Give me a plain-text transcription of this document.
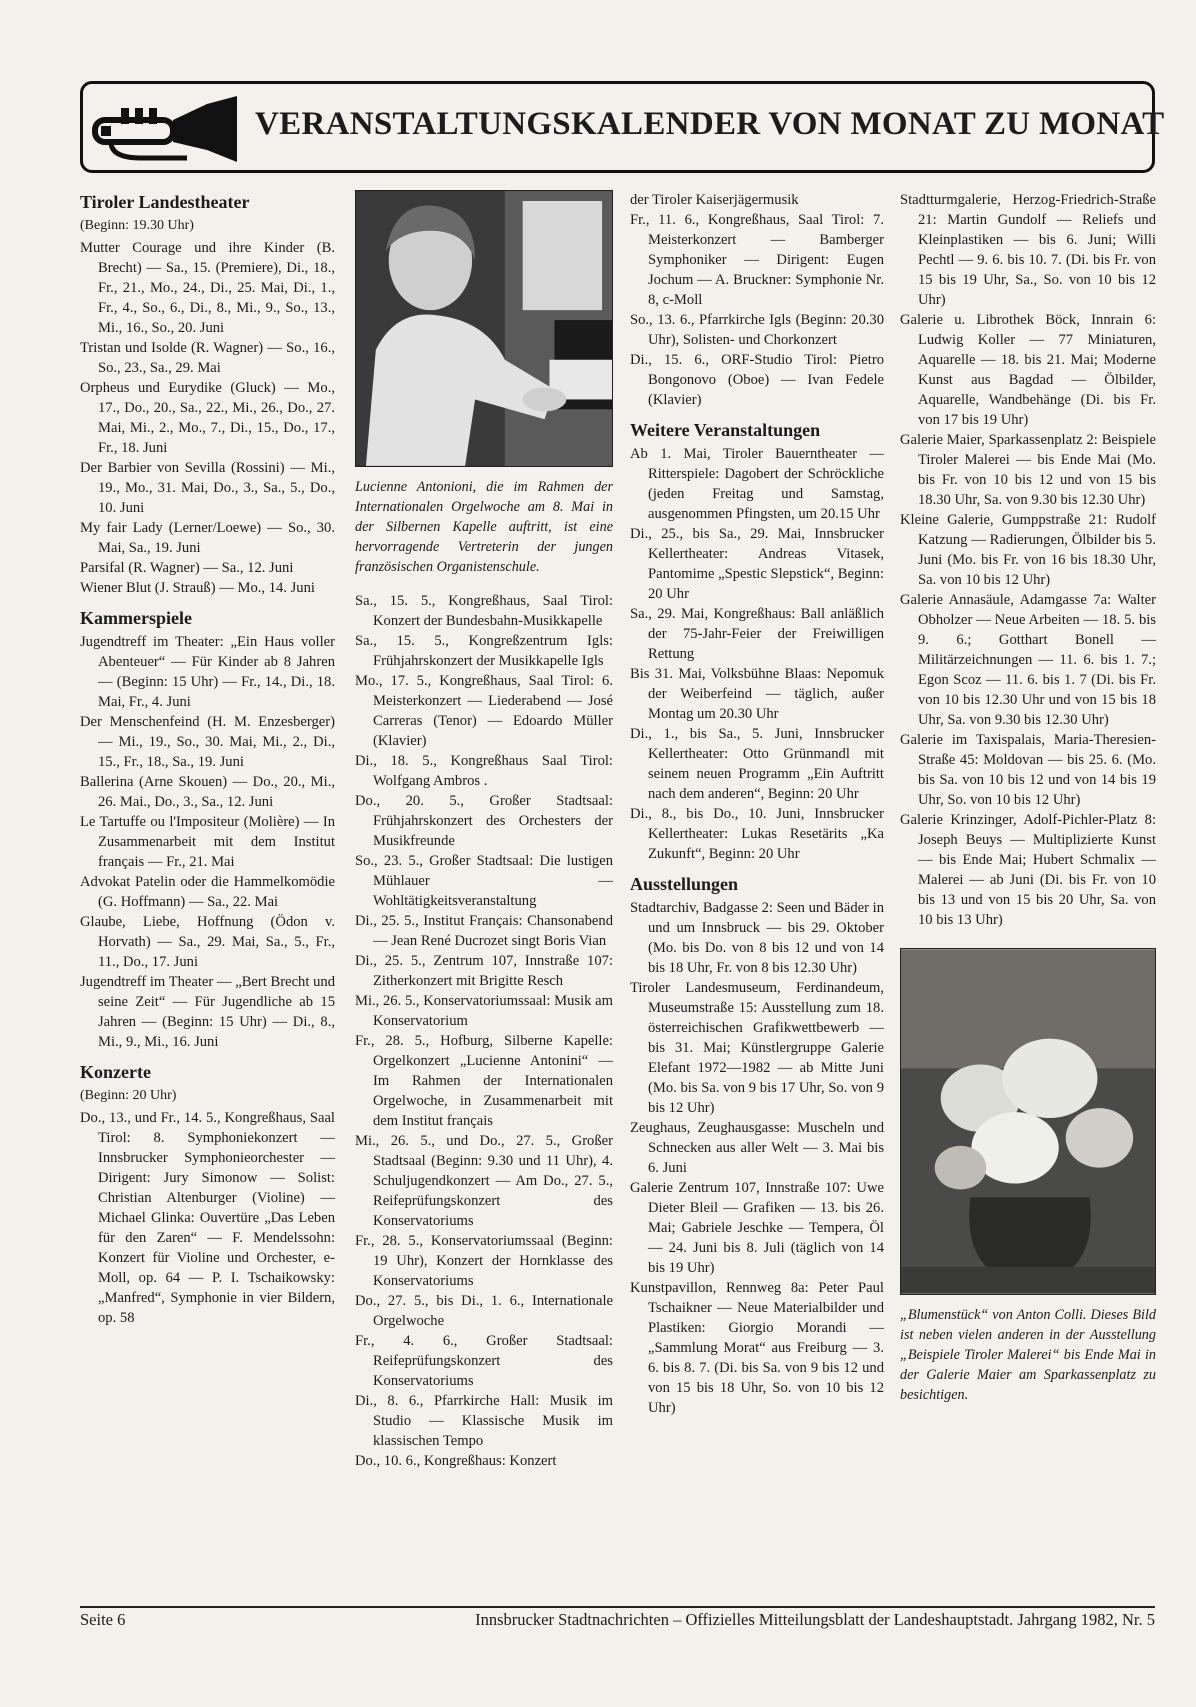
VERANSTALTUNGSKALENDER VON MONAT ZU MONAT
Tiroler Landestheater
(Beginn: 19.30 Uhr)
Mutter Courage und ihre Kinder (B. Brecht) — Sa., 15. (Premiere), Di., 18., Fr., 21., Mo., 24., Di., 25. Mai, Di., 1., Fr., 4., So., 6., Di., 8., Mi., 9., So., 13., Mi., 16., So., 20. Juni
Tristan und Isolde (R. Wagner) — So., 16., So., 23., Sa., 29. Mai
Orpheus und Eurydike (Gluck) — Mo., 17., Do., 20., Sa., 22., Mi., 26., Do., 27. Mai, Mi., 2., Mo., 7., Di., 15., Do., 17., Fr., 18. Juni
Der Barbier von Sevilla (Rossini) — Mi., 19., Mo., 31. Mai, Do., 3., Sa., 5., Do., 10. Juni
My fair Lady (Lerner/Loewe) — So., 30. Mai, Sa., 19. Juni
Parsifal (R. Wagner) — Sa., 12. Juni
Wiener Blut (J. Strauß) — Mo., 14. Juni
Kammerspiele
Jugendtreff im Theater: „Ein Haus voller Abenteuer“ — Für Kinder ab 8 Jahren — (Beginn: 15 Uhr) — Fr., 14., Di., 18. Mai, Fr., 4. Juni
Der Menschenfeind (H. M. Enzesberger) — Mi., 19., So., 30. Mai, Mi., 2., Di., 15., Fr., 18., Sa., 19. Juni
Ballerina (Arne Skouen) — Do., 20., Mi., 26. Mai., Do., 3., Sa., 12. Juni
Le Tartuffe ou l'Impositeur (Molière) — In Zusammenarbeit mit dem Institut français — Fr., 21. Mai
Advokat Patelin oder die Hammelkomödie (G. Hoffmann) — Sa., 22. Mai
Glaube, Liebe, Hoffnung (Ödon v. Horvath) — Sa., 29. Mai, Sa., 5., Fr., 11., Do., 17. Juni
Jugendtreff im Theater — „Bert Brecht und seine Zeit“ — Für Jugendliche ab 15 Jahren — (Beginn: 15 Uhr) — Di., 8., Mi., 9., Mi., 16. Juni
Konzerte
(Beginn: 20 Uhr)
Do., 13., und Fr., 14. 5., Kongreßhaus, Saal Tirol: 8. Symphoniekonzert — Innsbrucker Symphonieorchester — Dirigent: Jury Simonow — Solist: Christian Altenburger (Violine) — Michael Glinka: Ouvertüre „Das Leben für den Zaren“ — F. Mendelssohn: Konzert für Violine und Orchester, e-Moll, op. 64 — P. I. Tschaikowsky: „Manfred“, Symphonie in vier Bildern, op. 58
Lucienne Antonioni, die im Rahmen der Internationalen Orgelwoche am 8. Mai in der Silbernen Kapelle auftritt, ist eine hervorragende Vertreterin der jungen französischen Organistenschule.
Sa., 15. 5., Kongreßhaus, Saal Tirol: Konzert der Bundesbahn-Musikkapelle
Sa., 15. 5., Kongreßzentrum Igls: Frühjahrskonzert der Musikkapelle Igls
Mo., 17. 5., Kongreßhaus, Saal Tirol: 6. Meisterkonzert — Liederabend — José Carreras (Tenor) — Edoardo Müller (Klavier)
Di., 18. 5., Kongreßhaus Saal Tirol: Wolfgang Ambros .
Do., 20. 5., Großer Stadtsaal: Frühjahrskonzert des Orchesters der Musikfreunde
So., 23. 5., Großer Stadtsaal: Die lustigen Mühlauer — Wohltätigkeitsveranstaltung
Di., 25. 5., Institut Français: Chansonabend — Jean René Ducrozet singt Boris Vian
Di., 25. 5., Zentrum 107, Innstraße 107: Zitherkonzert mit Brigitte Resch
Mi., 26. 5., Konservatoriumssaal: Musik am Konservatorium
Fr., 28. 5., Hofburg, Silberne Kapelle: Orgelkonzert „Lucienne Antonini“ — Im Rahmen der Internationalen Orgelwoche, in Zusammenarbeit mit dem Institut français
Mi., 26. 5., und Do., 27. 5., Großer Stadtsaal (Beginn: 9.30 und 11 Uhr), 4. Schuljugendkonzert — Am Do., 27. 5., Reifeprüfungskonzert des Konservatoriums
Fr., 28. 5., Konservatoriumssaal (Beginn: 19 Uhr), Konzert der Hornklasse des Konservatoriums
Do., 27. 5., bis Di., 1. 6., Internationale Orgelwoche
Fr., 4. 6., Großer Stadtsaal: Reifeprüfungskonzert des Konservatoriums
Di., 8. 6., Pfarrkirche Hall: Musik im Studio — Klassische Musik im klassischen Tempo
Do., 10. 6., Kongreßhaus: Konzert
der Tiroler Kaiserjägermusik
Fr., 11. 6., Kongreßhaus, Saal Tirol: 7. Meisterkonzert — Bamberger Symphoniker — Dirigent: Eugen Jochum — A. Bruckner: Symphonie Nr. 8, c-Moll
So., 13. 6., Pfarrkirche Igls (Beginn: 20.30 Uhr), Solisten- und Chorkonzert
Di., 15. 6., ORF-Studio Tirol: Pietro Bongonovo (Oboe) — Ivan Fedele (Klavier)
Weitere Veranstaltungen
Ab 1. Mai, Tiroler Bauerntheater — Ritterspiele: Dagobert der Schröckliche (jeden Freitag und Samstag, ausgenommen Pfingsten, um 20.15 Uhr
Di., 25., bis Sa., 29. Mai, Innsbrucker Kellertheater: Andreas Vitasek, Pantomime „Spestic Slepstick“, Beginn: 20 Uhr
Sa., 29. Mai, Kongreßhaus: Ball anläßlich der 75-Jahr-Feier der Freiwilligen Rettung
Bis 31. Mai, Volksbühne Blaas: Nepomuk der Weiberfeind — täglich, außer Montag um 20.30 Uhr
Di., 1., bis Sa., 5. Juni, Innsbrucker Kellertheater: Otto Grünmandl mit seinem neuen Programm „Ein Auftritt nach dem anderen“, Beginn: 20 Uhr
Di., 8., bis Do., 10. Juni, Innsbrucker Kellertheater: Lukas Resetärits „Ka Zukunft“, Beginn: 20 Uhr
Ausstellungen
Stadtarchiv, Badgasse 2: Seen und Bäder in und um Innsbruck — bis 29. Oktober (Mo. bis Do. von 8 bis 12 und von 14 bis 18 Uhr, Fr. von 8 bis 12.30 Uhr)
Tiroler Landesmuseum, Ferdinandeum, Museumstraße 15: Ausstellung zum 18. österreichischen Grafikwettbewerb — bis 31. Mai; Künstlergruppe Galerie Elefant 1972—1982 — ab Mitte Juni (Mo. bis Sa. von 9 bis 17 Uhr, So. von 9 bis 12 Uhr)
Zeughaus, Zeughausgasse: Muscheln und Schnecken aus aller Welt — 3. Mai bis 6. Juni
Galerie Zentrum 107, Innstraße 107: Uwe Dieter Bleil — Grafiken — 13. bis 26. Mai; Gabriele Jeschke — Tempera, Öl — 24. Juni bis 8. Juli (täglich von 14 bis 19 Uhr)
Kunstpavillon, Rennweg 8a: Peter Paul Tschaikner — Neue Materialbilder und Plastiken: Giorgio Morandi — „Sammlung Morat“ aus Freiburg — 3. 6. bis 8. 7. (Di. bis Sa. von 9 bis 12 und von 15 bis 18 Uhr, So. von 10 bis 12 Uhr)
Stadtturmgalerie, Herzog-Friedrich-Straße 21: Martin Gundolf — Reliefs und Kleinplastiken — bis 6. Juni; Willi Pechtl — 9. 6. bis 10. 7. (Di. bis Fr. von 15 bis 19 Uhr, Sa., So. von 10 bis 12 Uhr)
Galerie u. Librothek Böck, Innrain 6: Ludwig Koller — 77 Miniaturen, Aquarelle — 18. bis 21. Mai; Moderne Kunst aus Bagdad — Ölbilder, Aquarelle, Wandbehänge (Di. bis Fr. von 17 bis 19 Uhr)
Galerie Maier, Sparkassenplatz 2: Beispiele Tiroler Malerei — bis Ende Mai (Mo. bis Fr. von 10 bis 12 und von 15 bis 18.30 Uhr, Sa. von 9.30 bis 12.30 Uhr)
Kleine Galerie, Gumppstraße 21: Rudolf Katzung — Radierungen, Ölbilder bis 5. Juni (Mo. bis Fr. von 16 bis 18.30 Uhr, Sa. von 10 bis 12 Uhr)
Galerie Annasäule, Adamgasse 7a: Walter Obholzer — Neue Arbeiten — 18. 5. bis 9. 6.; Gotthart Bonell — Militärzeichnungen — 11. 6. bis 1. 7.; Egon Scoz — 11. 6. bis 1. 7 (Di. bis Fr. von 10 bis 12.30 Uhr und von 15 bis 18 Uhr, Sa. von 9.30 bis 12.30 Uhr)
Galerie im Taxispalais, Maria-Theresien-Straße 45: Moldovan — bis 25. 6. (Mo. bis Sa. von 10 bis 12 und von 14 bis 19 Uhr, So. von 10 bis 12 Uhr)
Galerie Krinzinger, Adolf-Pichler-Platz 8: Joseph Beuys — Multiplizierte Kunst — bis Ende Mai; Hubert Schmalix — Malerei — ab Juni (Di. bis Fr. von 10 bis 13 und von 15 bis 20 Uhr, Sa. von 10 bis 13 Uhr)
„Blumenstück“ von Anton Colli. Dieses Bild ist neben vielen anderen in der Ausstellung „Beispiele Tiroler Malerei“ bis Ende Mai in der Galerie Maier am Sparkassenplatz zu besichtigen.
Seite 6	Innsbrucker Stadtnachrichten – Offizielles Mitteilungsblatt der Landeshauptstadt. Jahrgang 1982, Nr. 5
